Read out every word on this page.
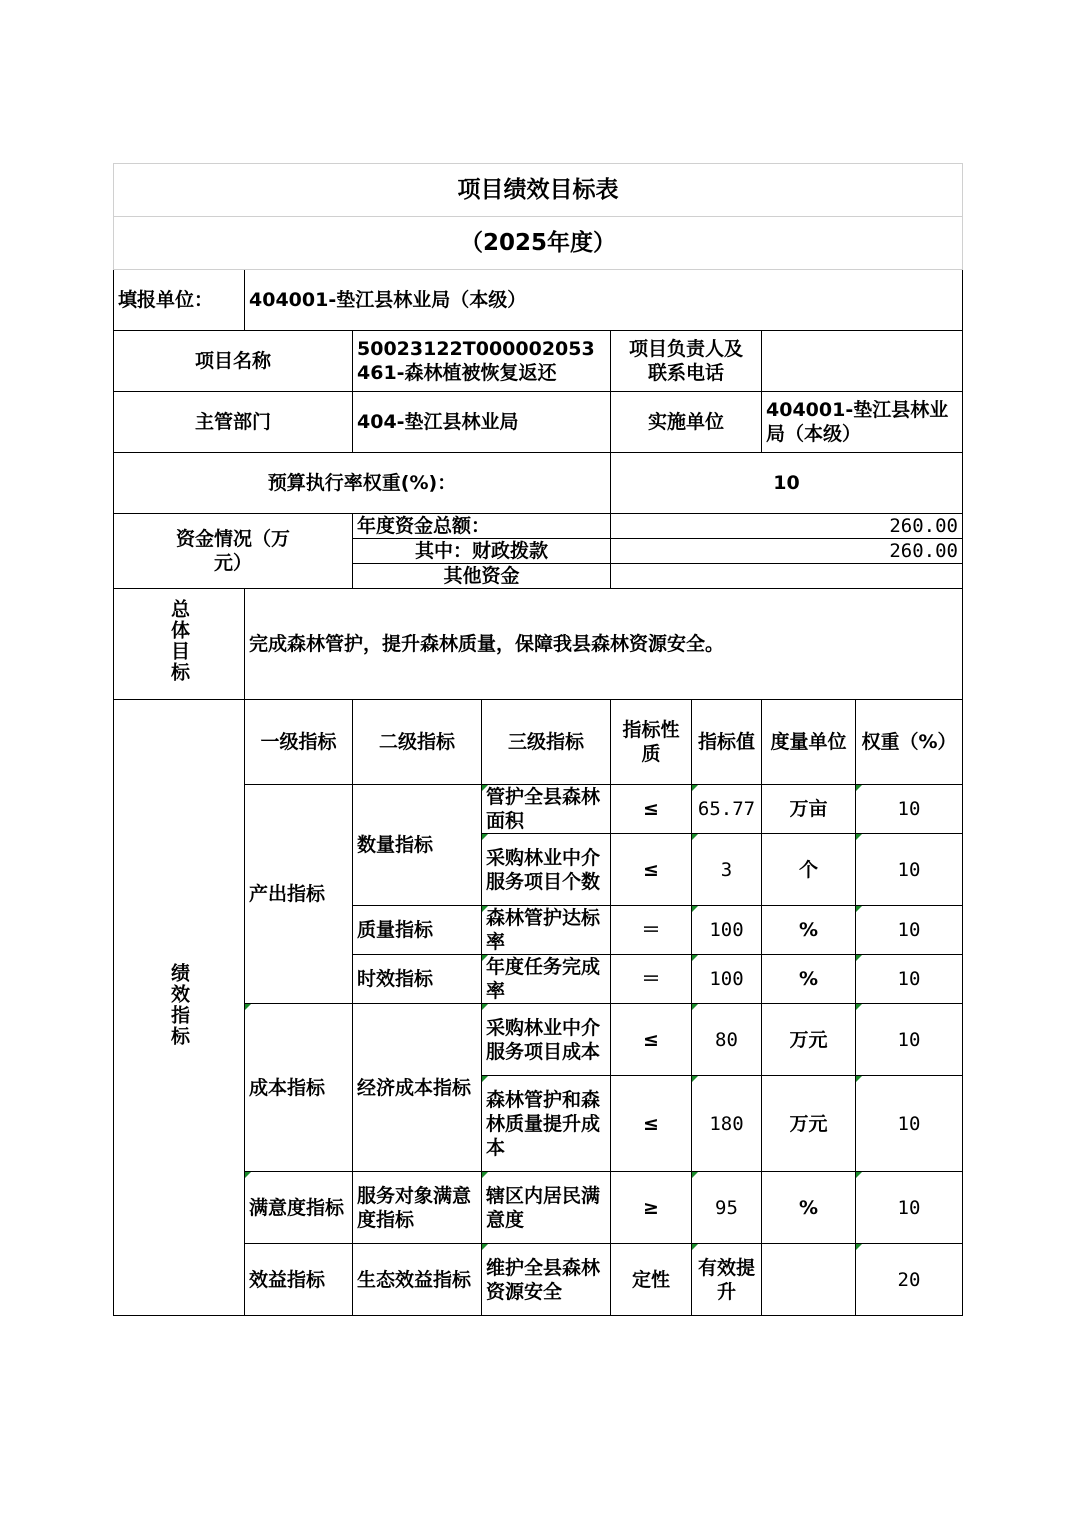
项目绩效目标表							
（2025年度）							
填报单位：	404001-垫江县林业局（本级）						
项目名称		50023122T000002053461-森林植被恢复返还		项目负责人及联系电话			
主管部门		404-垫江县林业局		实施单位		404001-垫江县林业局（本级）	
预算执行率权重(%)：				10			
资金情况（万元）		年度资金总额：		260.00			
		其中：财政拨款		260.00			
		其他资金					
总体目标	完成森林管护，提升森林质量，保障我县森林资源安全。						
绩效指标	一级指标	二级指标	三级指标	指标性质	指标值	度量单位	权重（%）
	产出指标	数量指标	管护全县森林面积	≤	65.77	万亩	10
			采购林业中介服务项目个数	≤	3	个	10
		质量指标	森林管护达标率	＝	100	%	10
		时效指标	年度任务完成率	＝	100	%	10
	成本指标	经济成本指标	采购林业中介服务项目成本	≤	80	万元	10
			森林管护和森林质量提升成本	≤	180	万元	10
	满意度指标	服务对象满意度指标	辖区内居民满意度	≥	95	%	10
	效益指标	生态效益指标	维护全县森林资源安全	定性	有效提升		20
